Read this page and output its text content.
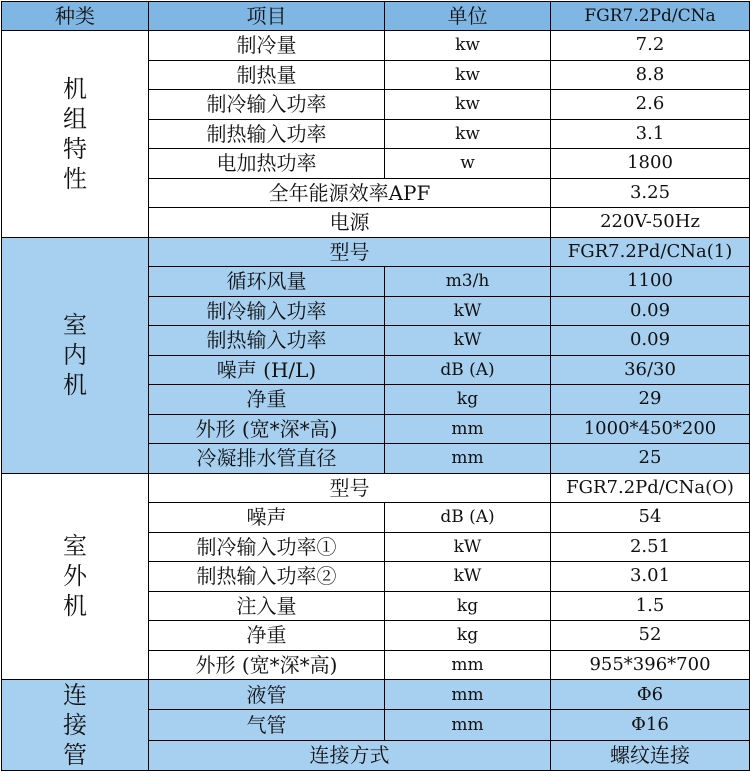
种类	项目	单位	FGR7.2Pd/CNa
机
组
特
性	制冷量	kw	7.2
	制热量	kw	8.8
	制冷输入功率	kw	2.6
	制热输入功率	kw	3.1
	电加热功率	w	1800
	全年能源效率APF		3.25
	电源		220V-50Hz
室
内
机	型号		FGR7.2Pd/CNa(1)
	循环风量	m3/h	1100
	制冷输入功率	kW	0.09
	制热输入功率	kW	0.09
	噪声 (H/L)	dB (A)	36/30
	净重	kg	29
	外形 (宽*深*高)	mm	1000*450*200
	冷凝排水管直径	mm	25
室
外
机	型号		FGR7.2Pd/CNa(O)
	噪声	dB (A)	54
	制冷输入功率①	kW	2.51
	制热输入功率②	kW	3.01
	注入量	kg	1.5
	净重	kg	52
	外形 (宽*深*高)	mm	955*396*700
连
接
管	液管	mm	Φ6
	气管	mm	Φ16
	连接方式		螺纹连接
